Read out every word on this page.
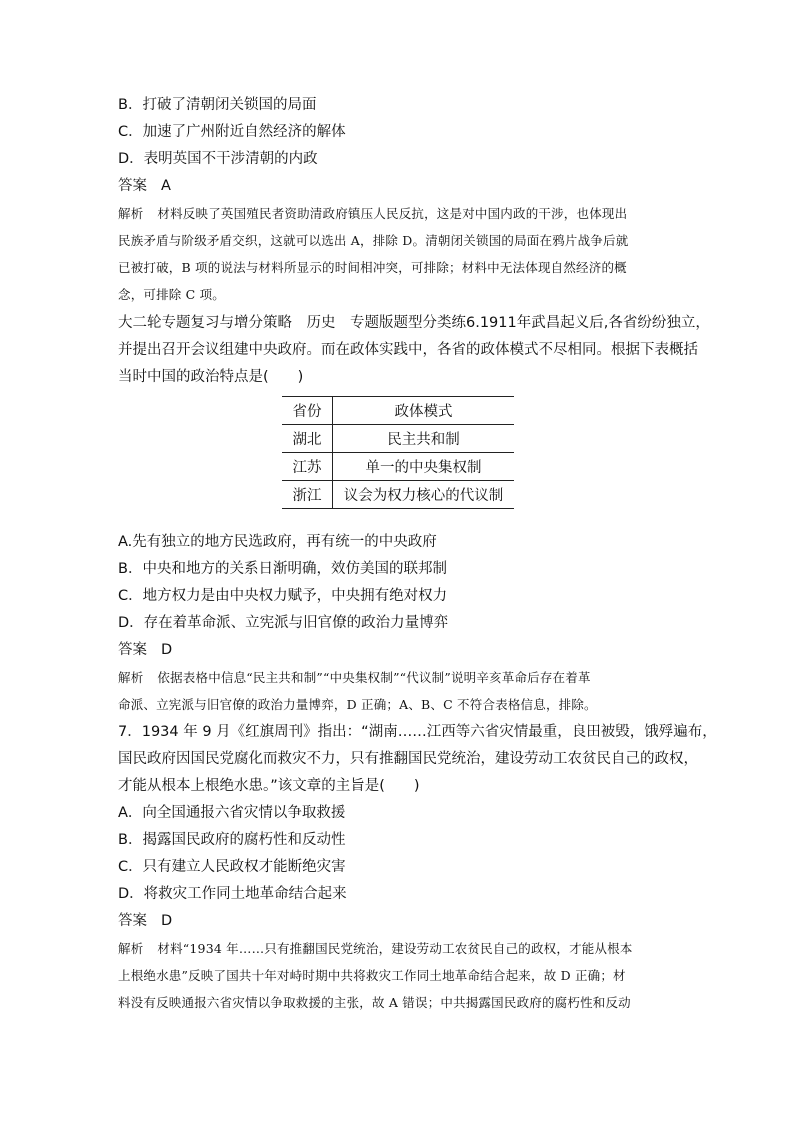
B．打破了清朝闭关锁国的局面
C．加速了广州附近自然经济的解体
D．表明英国不干涉清朝的内政
答案 A
解析 材料反映了英国殖民者资助清政府镇压人民反抗，这是对中国内政的干涉，也体现出
民族矛盾与阶级矛盾交织，这就可以选出 A，排除 D。清朝闭关锁国的局面在鸦片战争后就
已被打破，B 项的说法与材料所显示的时间相冲突，可排除；材料中无法体现自然经济的概
念，可排除 C 项。
大二轮专题复习与增分策略　历史　专题版题型分类练6.1911年武昌起义后,各省纷纷独立，
并提出召开会议组建中央政府。而在政体实践中，各省的政体模式不尽相同。根据下表概括
当时中国的政治特点是(　　)
省份	政体模式
湖北	民主共和制
江苏	单一的中央集权制
浙江	议会为权力核心的代议制
A.先有独立的地方民选政府，再有统一的中央政府
B．中央和地方的关系日渐明确，效仿美国的联邦制
C．地方权力是由中央权力赋予，中央拥有绝对权力
D．存在着革命派、立宪派与旧官僚的政治力量博弈
答案 D
解析 依据表格中信息“民主共和制”“中央集权制”“代议制”说明辛亥革命后存在着革
命派、立宪派与旧官僚的政治力量博弈，D 正确；A、B、C 不符合表格信息，排除。
7．1934 年 9 月《红旗周刊》指出：“湖南……江西等六省灾情最重，良田被毁，饿殍遍布，
国民政府因国民党腐化而救灾不力，只有推翻国民党统治，建设劳动工农贫民自己的政权，
才能从根本上根绝水患。”该文章的主旨是(　　)
A．向全国通报六省灾情以争取救援
B．揭露国民政府的腐朽性和反动性
C．只有建立人民政权才能断绝灾害
D．将救灾工作同土地革命结合起来
答案 D
解析 材料“1934 年……只有推翻国民党统治，建设劳动工农贫民自己的政权，才能从根本
上根绝水患”反映了国共十年对峙时期中共将救灾工作同土地革命结合起来，故 D 正确；材
料没有反映通报六省灾情以争取救援的主张，故 A 错误；中共揭露国民政府的腐朽性和反动
